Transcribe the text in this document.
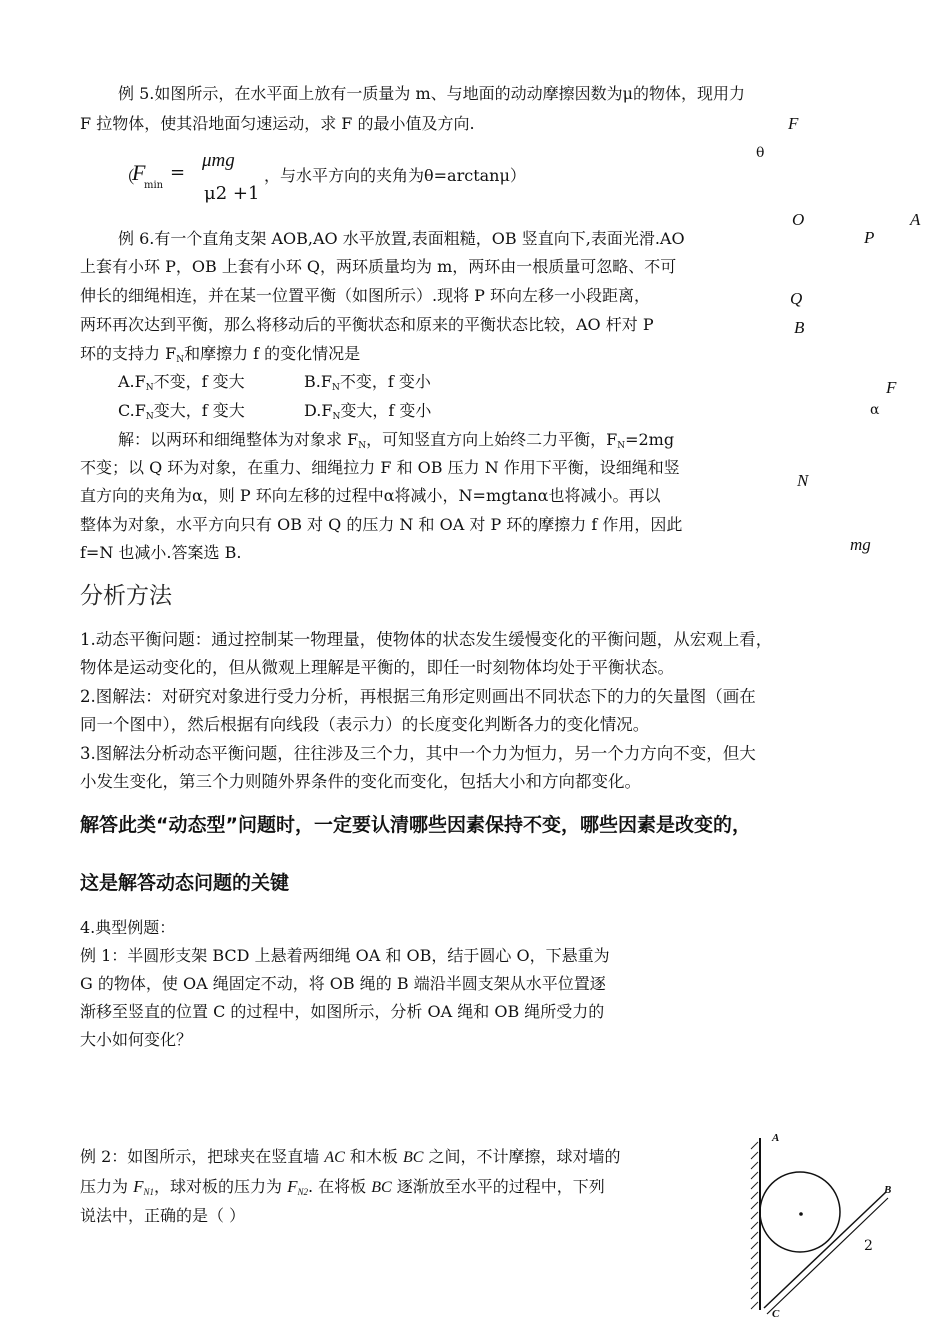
例 5.如图所示，在水平面上放有一质量为 m、与地面的动动摩擦因数为μ的物体，现用力
F 拉物体，使其沿地面匀速运动，求 F 的最小值及方向.
（
F
min
=
μmg
μ2 +1
，与水平方向的夹角为θ=arctanμ）
F
θ
例 6.有一个直角支架 AOB,AO 水平放置,表面粗糙，OB 竖直向下,表面光滑.AO
上套有小环 P，OB 上套有小环 Q，两环质量均为 m，两环由一根质量可忽略、不可
伸长的细绳相连，并在某一位置平衡（如图所示）.现将 P 环向左移一小段距离，
两环再次达到平衡，那么将移动后的平衡状态和原来的平衡状态比较，AO 杆对 P
环的支持力 $F_N$和摩擦力 f 的变化情况是
$A.F_N$不变，f 变大	$B.F_N$不变，f 变小
$C.F_N$变大，f 变大	$D.F_N$变大，f 变小
解：以两环和细绳整体为对象求 $F_N$，可知竖直方向上始终二力平衡，$F_N=2mg$
不变；以 Q 环为对象，在重力、细绳拉力 F 和 OB 压力 N 作用下平衡，设细绳和竖
直方向的夹角为α，则 P 环向左移的过程中α将减小，N=mgtanα也将减小。再以
整体为对象，水平方向只有 OB 对 Q 的压力 N 和 OA 对 P 环的摩擦力 f 作用，因此
f=N 也减小.答案选 B.
O	A
P
Q
B
F
α
N
mg
分析方法
1.动态平衡问题：通过控制某一物理量，使物体的状态发生缓慢变化的平衡问题，从宏观上看，
物体是运动变化的，但从微观上理解是平衡的，即任一时刻物体均处于平衡状态。
2.图解法：对研究对象进行受力分析，再根据三角形定则画出不同状态下的力的矢量图（画在
同一个图中），然后根据有向线段（表示力）的长度变化判断各力的变化情况。
3.图解法分析动态平衡问题，往往涉及三个力，其中一个力为恒力，另一个力方向不变，但大
小发生变化，第三个力则随外界条件的变化而变化，包括大小和方向都变化。
解答此类“动态型”问题时，一定要认清哪些因素保持不变，哪些因素是改变的，
这是解答动态问题的关键
4.典型例题：
例 1：半圆形支架 BCD 上悬着两细绳 OA 和 OB，结于圆心 O，下悬重为
G 的物体，使 OA 绳固定不动，将 OB 绳的 B 端沿半圆支架从水平位置逐
渐移至竖直的位置 C 的过程中，如图所示，分析 OA 绳和 OB 绳所受力的
大小如何变化？
例 2：如图所示，把球夹在竖直墙 AC 和木板 BC 之间，不计摩擦，球对墙的
压力为 $F_{N1}$，球对板的压力为 $F_{N2}$. 在将板 BC 逐渐放至水平的过程中，下列
说法中，正确的是（ ）
A
B
C
2
